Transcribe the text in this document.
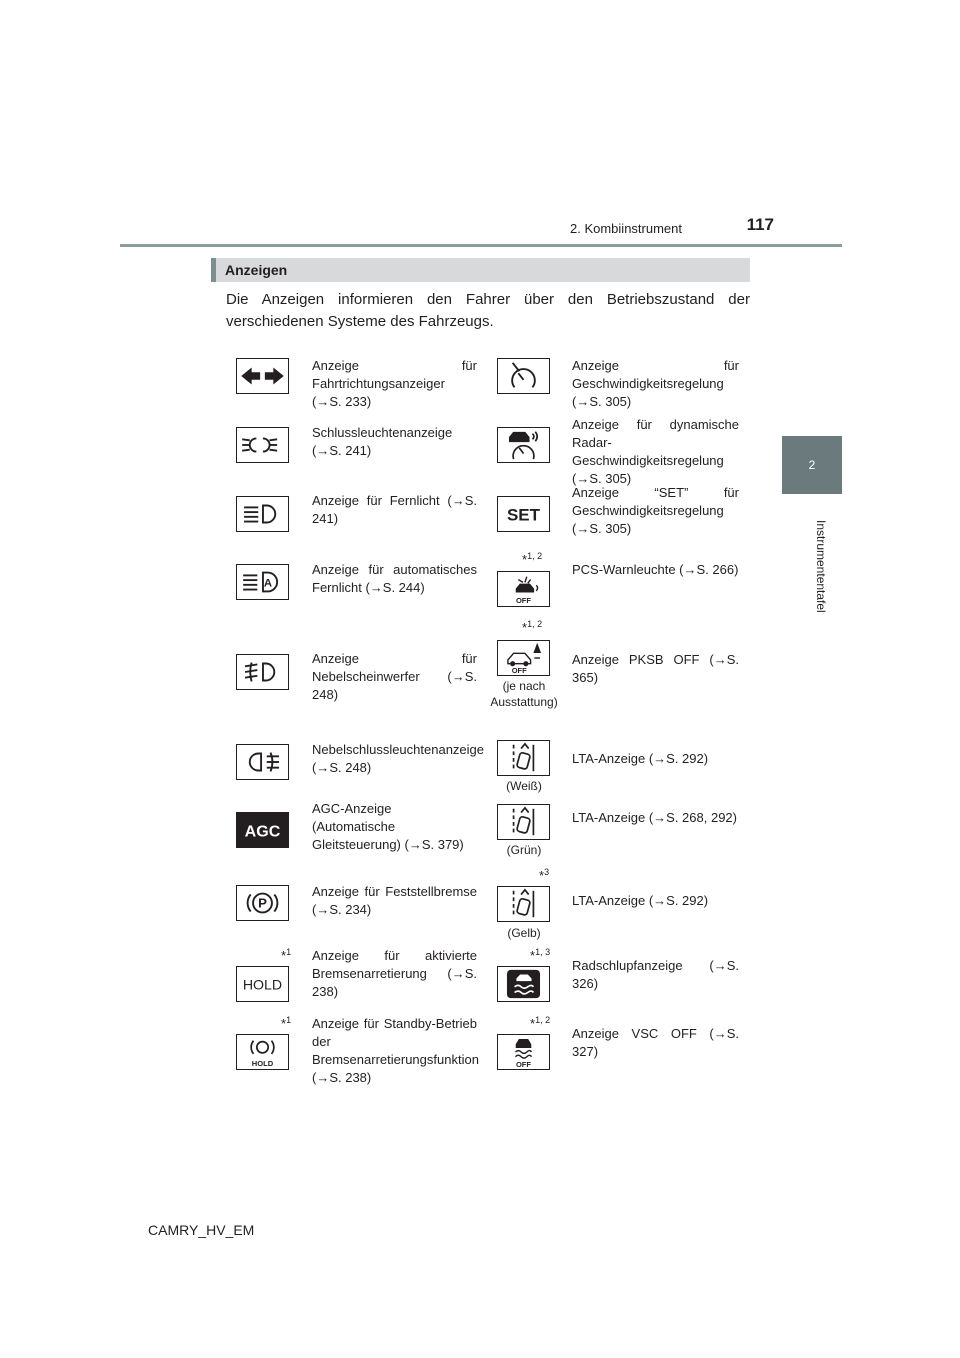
2. Kombiinstrument	117
2
Instrumententafel
Anzeigen
Die Anzeigen informieren den Fahrer über den Betriebszustand der verschiedenen Systeme des Fahrzeugs.
Anzeige für Fahrtrichtungsanzeiger (→S. 233)
Schlussleuchtenanzeige (→S. 241)
Anzeige für Fernlicht (→S. 241)
A
Anzeige für automatisches Fernlicht (→S. 244)
Anzeige für Nebelscheinwerfer (→S. 248)
Nebelschlussleuchtenanzeige (→S. 248)
AGC
AGC-Anzeige (Automatische Gleitsteuerung) (→S. 379)
P
Anzeige für Feststellbremse (→S. 234)
*$^1$
HOLD
Anzeige für aktivierte Bremsenarretierung (→S. 238)
*$^1$
HOLD
Anzeige für Standby-Betrieb der Bremsenarretierungsfunktion (→S. 238)
Anzeige für Geschwindigkeitsregelung (→S. 305)
Anzeige für dynamische Radar-Geschwindigkeitsregelung (→S. 305)
SET
Anzeige “SET” für Geschwindigkeitsregelung (→S. 305)
*$^{1, 2}$
OFF
PCS-Warnleuchte (→S. 266)
*$^{1, 2}$
OFF
(je nach Ausstattung)
Anzeige PKSB OFF (→S. 365)
(Weiß)
LTA-Anzeige (→S. 292)
(Grün)
LTA-Anzeige (→S. 268, 292)
*$^3$
(Gelb)
LTA-Anzeige (→S. 292)
*$^{1, 3}$
Radschlupfanzeige (→S. 326)
*$^{1, 2}$
OFF
Anzeige VSC OFF (→S. 327)
CAMRY_HV_EM
